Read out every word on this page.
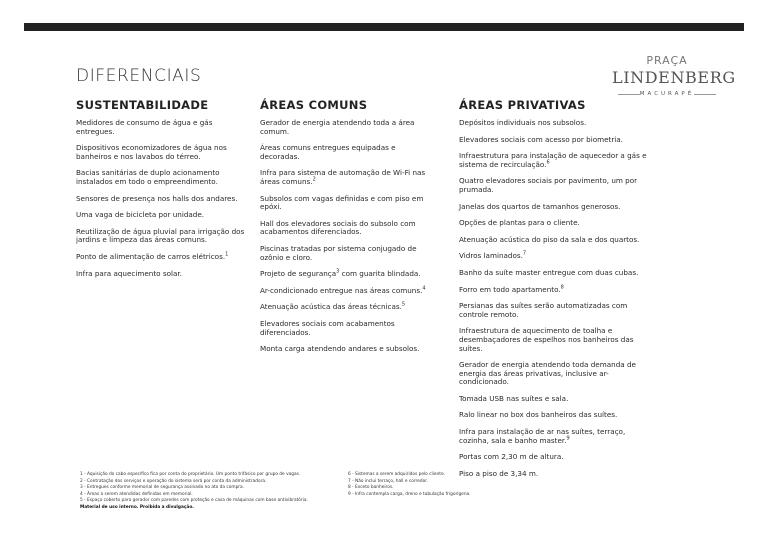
DIFERENCIAIS
PRAÇA
LINDENBERG
MACURAPÉ
SUSTENTABILIDADE
Medidores de consumo de água e gás entregues.
Dispositivos economizadores de água nos banheiros e nos lavabos do térreo.
Bacias sanitárias de duplo acionamento instalados em todo o empreendimento.
Sensores de presença nos halls dos andares.
Uma vaga de bicicleta por unidade.
Reutilização de água pluvial para irrigação dos jardins e limpeza das áreas comuns.
Ponto de alimentação de carros elétricos.$^1$
Infra para aquecimento solar.
ÁREAS COMUNS
Gerador de energia atendendo toda a área comum.
Áreas comuns entregues equipadas e decoradas.
Infra para sistema de automação de Wi-Fi nas áreas comuns.$^2$
Subsolos com vagas definidas e com piso em epóxi.
Hall dos elevadores sociais do subsolo com acabamentos diferenciados.
Piscinas tratadas por sistema conjugado de ozônio e cloro.
Projeto de segurança$^3$ com guarita blindada.
Ar-condicionado entregue nas áreas comuns.$^4$
Atenuação acústica das áreas técnicas.$^5$
Elevadores sociais com acabamentos diferenciados.
Monta carga atendendo andares e subsolos.
ÁREAS PRIVATIVAS
Depósitos individuais nos subsolos.
Elevadores sociais com acesso por biometria.
Infraestrutura para instalação de aquecedor a gás e sistema de recirculação.$^6$
Quatro elevadores sociais por pavimento, um por prumada.
Janelas dos quartos de tamanhos generosos.
Opções de plantas para o cliente.
Atenuação acústica do piso da sala e dos quartos.
Vidros laminados.$^7$
Banho da suíte master entregue com duas cubas.
Forro em todo apartamento.$^8$
Persianas das suítes serão automatizadas com controle remoto.
Infraestrutura de aquecimento de toalha e desembaçadores de espelhos nos banheiros das suítes.
Gerador de energia atendendo toda demanda de energia das áreas privativas, inclusive ar-condicionado.
Tomada USB nas suítes e sala.
Ralo linear no box dos banheiros das suítes.
Infra para instalação de ar nas suítes, terraço, cozinha, sala e banho master.$^9$
Portas com 2,30 m de altura.
Piso a piso de 3,34 m.

1 - Aquisição do cabo específico fica por conta do proprietário. Um ponto trifásico por grupo de vagas.

2 - Contratação dos serviços e operação do sistema será por conta da administradora.

3 - Entregues conforme memorial de segurança assinado no ato da compra.

4 - Áreas a serem atendidas definidas em memorial.

5 - Espaço coberto para gerador com paredes com proteção e casa de máquinas com base antivibratória.

Material de uso interno. Proibida a divulgação.

6 - Sistemas a serem adquiridos pelo cliente.

7 - Não inclui terraço, hall e corredor.

8 - Exceto banheiros.

9 - Infra contempla carga, dreno e tubulação frigorígena.
